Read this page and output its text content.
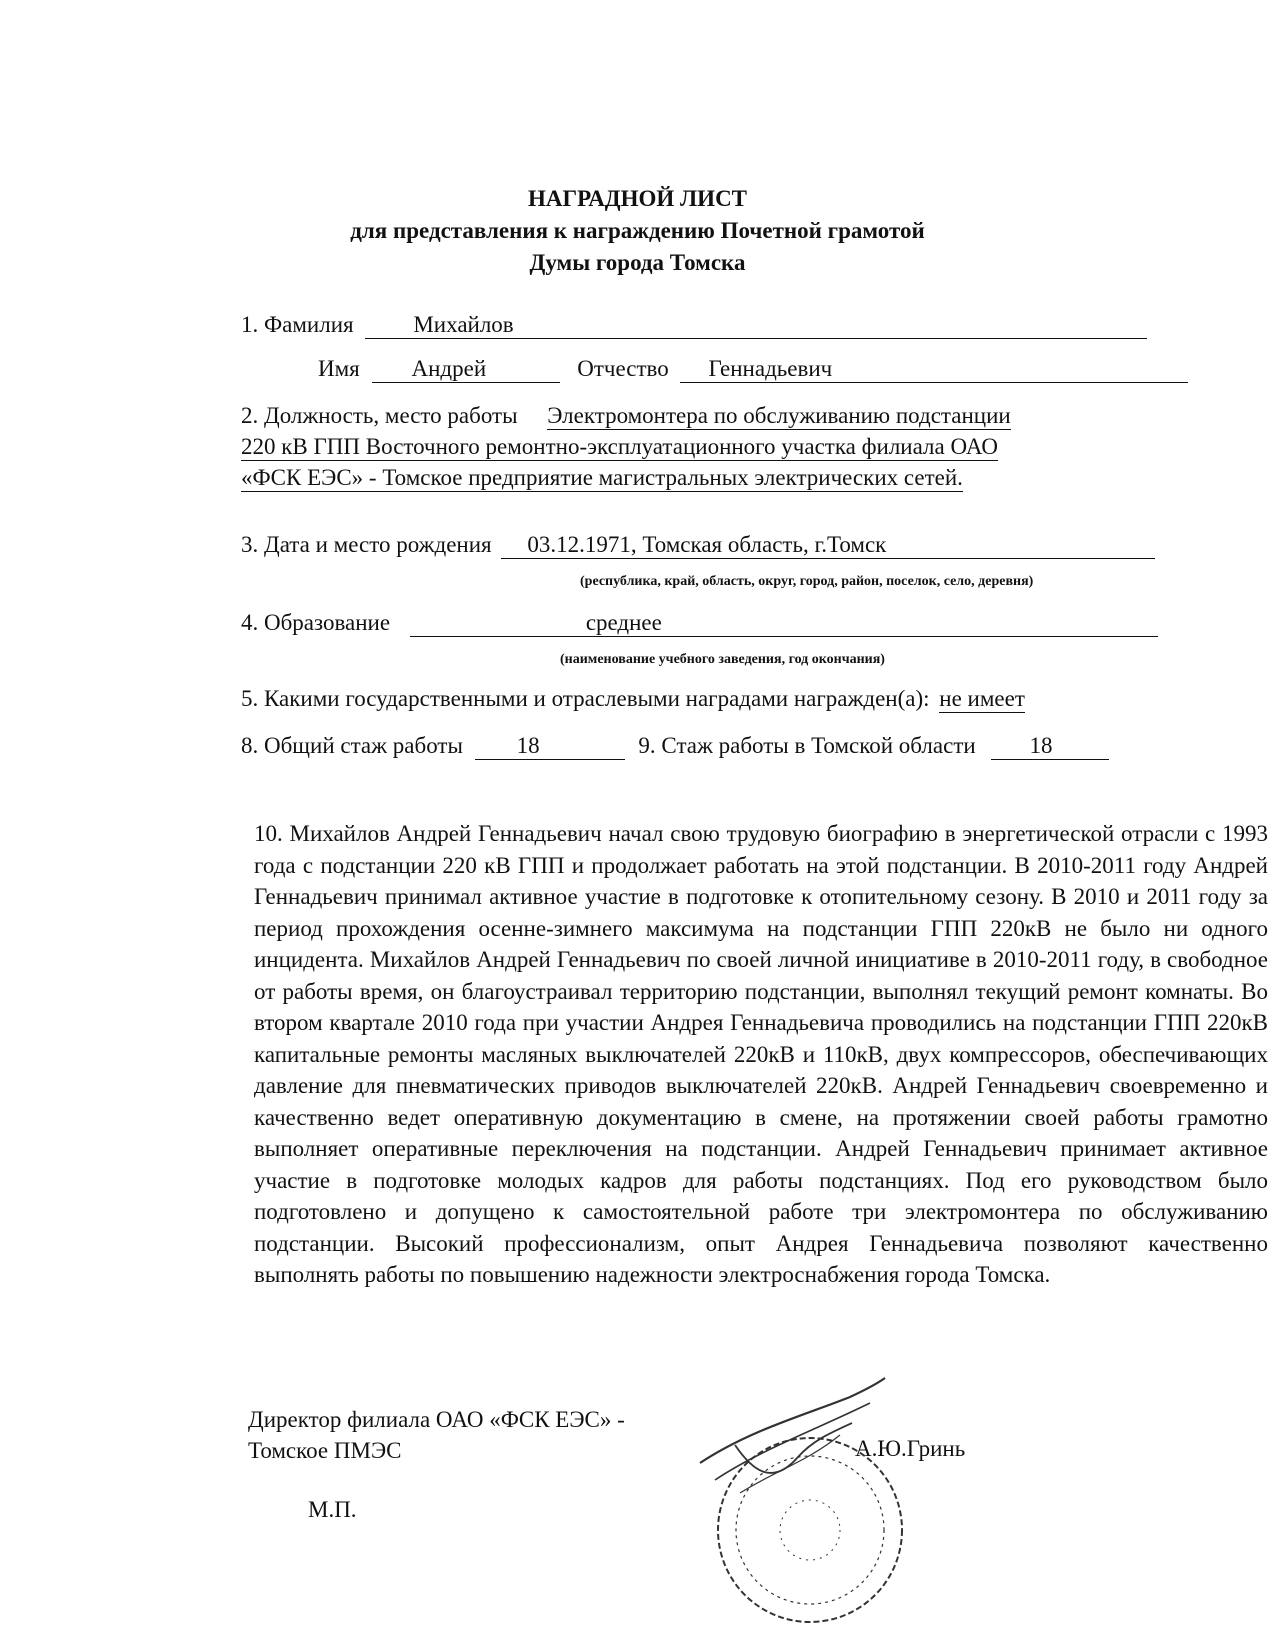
НАГРАДНОЙ ЛИСТ
для представления к награждению Почетной грамотой
Думы города Томска
1. Фамилия	Михайлов
Имя Андрей	Отчество Геннадьевич
2. Должность, место работы Электромонтера по обслуживанию подстанции
220 кВ ГПП Восточного ремонтно-эксплуатационного участка филиала ОАО
«ФСК ЕЭС» - Томское предприятие магистральных электрических сетей.
3. Дата и место рождения 03.12.1971, Томская область, г.Томск
(республика, край, область, округ, город, район, поселок, село, деревня)
4. Образование	среднее
(наименование учебного заведения, год окончания)
5. Какими государственными и отраслевыми наградами награжден(а): не имеет
8. Общий стаж работы 18	9. Стаж работы в Томской области 18
10. Михайлов Андрей Геннадьевич начал свою трудовую биографию в энергетической отрасли с 1993 года с подстанции 220 кВ ГПП и продолжает работать на этой подстанции. В 2010-2011 году Андрей Геннадьевич принимал активное участие в подготовке к отопительному сезону. В 2010 и 2011 году за период прохождения осенне-зимнего максимума на подстанции ГПП 220кВ не было ни одного инцидента. Михайлов Андрей Геннадьевич по своей личной инициативе в 2010-2011 году, в свободное от работы время, он благоустраивал территорию подстанции, выполнял текущий ремонт комнаты. Во втором квартале 2010 года при участии Андрея Геннадьевича проводились на подстанции ГПП 220кВ капитальные ремонты масляных выключателей 220кВ и 110кВ, двух компрессоров, обеспечивающих давление для пневматических приводов выключателей 220кВ. Андрей Геннадьевич своевременно и качественно ведет оперативную документацию в смене, на протяжении своей работы грамотно выполняет оперативные переключения на подстанции. Андрей Геннадьевич принимает активное участие в подготовке молодых кадров для работы подстанциях. Под его руководством было подготовлено и допущено к самостоятельной работе три электромонтера по обслуживанию подстанции. Высокий профессионализм, опыт Андрея Геннадьевича позволяют качественно выполнять работы по повышению надежности электроснабжения города Томска.
Директор филиала ОАО «ФСК ЕЭС» -
Томское ПМЭС	А.Ю.Гринь
М.П.
